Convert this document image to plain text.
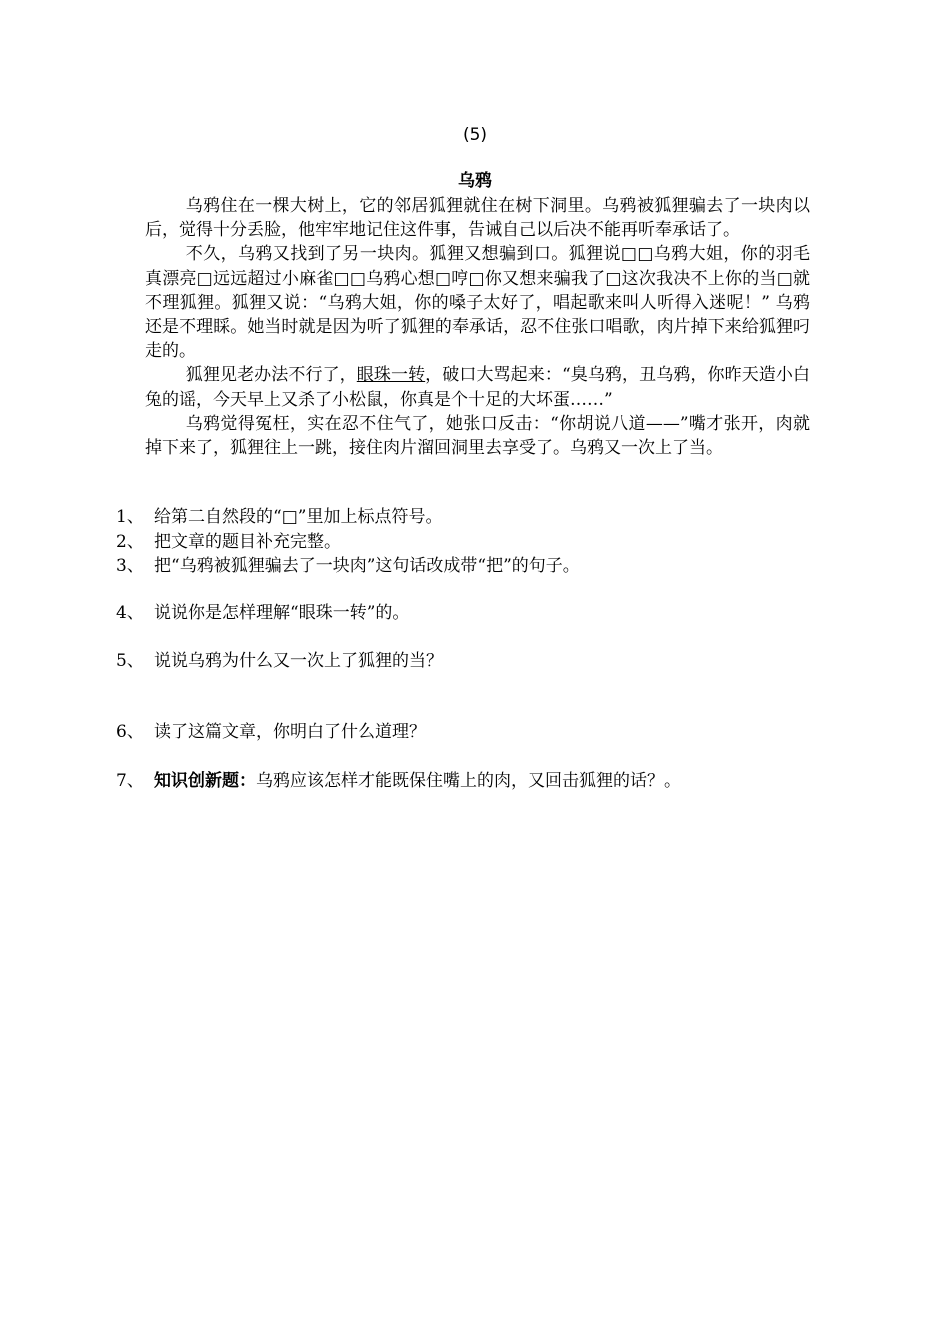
(5)
乌鸦

乌鸦住在一棵大树上，它的邻居狐狸就住在树下洞里。乌鸦被狐狸骗去了一块肉以后，觉得十分丢脸，他牢牢地记住这件事，告诫自己以后决不能再听奉承话了。

不久，乌鸦又找到了另一块肉。狐狸又想骗到口。狐狸说□□乌鸦大姐，你的羽毛真漂亮□远远超过小麻雀□□乌鸦心想□哼□你又想来骗我了□这次我决不上你的当□就不理狐狸。狐狸又说：“乌鸦大姐，你的嗓子太好了，唱起歌来叫人听得入迷呢！” 乌鸦还是不理睬。她当时就是因为听了狐狸的奉承话，忍不住张口唱歌，肉片掉下来给狐狸叼走的。

狐狸见老办法不行了，眼珠一转，破口大骂起来：“臭乌鸦，丑乌鸦，你昨天造小白兔的谣，今天早上又杀了小松鼠，你真是个十足的大坏蛋……”

乌鸦觉得冤枉，实在忍不住气了，她张口反击：“你胡说八道——”嘴才张开，肉就掉下来了，狐狸往上一跳，接住肉片溜回洞里去享受了。乌鸦又一次上了当。

1、 给第二自然段的“□”里加上标点符号。
2、 把文章的题目补充完整。
3、 把“乌鸦被狐狸骗去了一块肉”这句话改成带“把”的句子。
4、 说说你是怎样理解“眼珠一转”的。
5、 说说乌鸦为什么又一次上了狐狸的当？
6、 读了这篇文章，你明白了什么道理？
7、 知识创新题：乌鸦应该怎样才能既保住嘴上的肉，又回击狐狸的话？。
